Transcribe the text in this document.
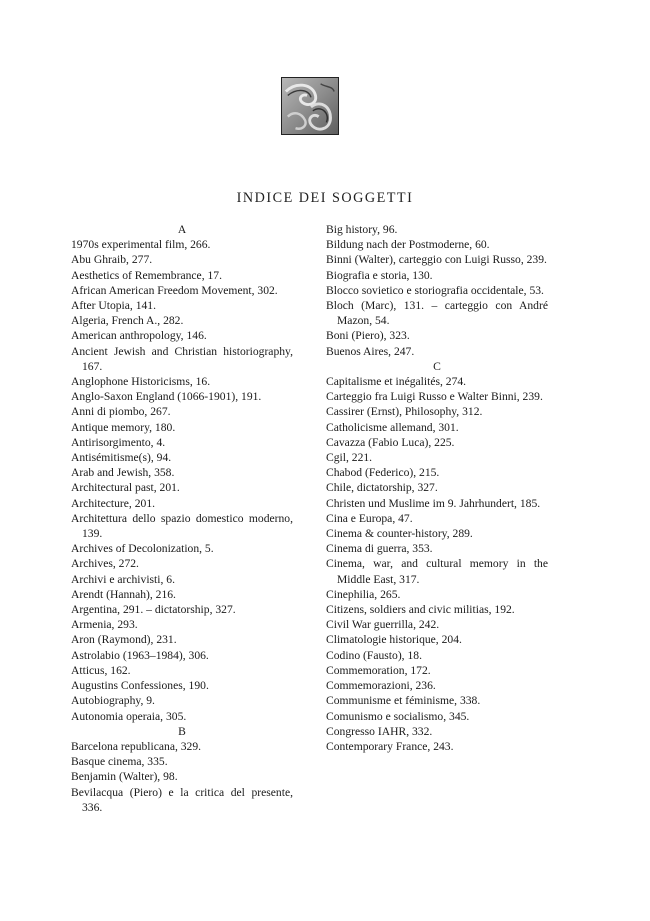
INDICE DEI SOGGETTI
A
1970s experimental film, 266.
Abu Ghraib, 277.
Aesthetics of Remembrance, 17.
African American Freedom Movement, 302.
After Utopia, 141.
Algeria, French A., 282.
American anthropology, 146.
Ancient Jewish and Christian historiography, 167.
Anglophone Historicisms, 16.
Anglo-Saxon England (1066-1901), 191.
Anni di piombo, 267.
Antique memory, 180.
Antirisorgimento, 4.
Antisémitisme(s), 94.
Arab and Jewish, 358.
Architectural past, 201.
Architecture, 201.
Architettura dello spazio domestico moderno, 139.
Archives of Decolonization, 5.
Archives, 272.
Archivi e archivisti, 6.
Arendt (Hannah), 216.
Argentina, 291. – dictatorship, 327.
Armenia, 293.
Aron (Raymond), 231.
Astrolabio (1963–1984), 306.
Atticus, 162.
Augustins Confessiones, 190.
Autobiography, 9.
Autonomia operaia, 305.
B
Barcelona republicana, 329.
Basque cinema, 335.
Benjamin (Walter), 98.
Bevilacqua (Piero) e la critica del presente, 336.
Big history, 96.
Bildung nach der Postmoderne, 60.
Binni (Walter), carteggio con Luigi Russo, 239.
Biografia e storia, 130.
Blocco sovietico e storiografia occidentale, 53.
Bloch (Marc), 131. – carteggio con André Mazon, 54.
Boni (Piero), 323.
Buenos Aires, 247.
C
Capitalisme et inégalités, 274.
Carteggio fra Luigi Russo e Walter Binni, 239.
Cassirer (Ernst), Philosophy, 312.
Catholicisme allemand, 301.
Cavazza (Fabio Luca), 225.
Cgil, 221.
Chabod (Federico), 215.
Chile, dictatorship, 327.
Christen und Muslime im 9. Jahrhundert, 185.
Cina e Europa, 47.
Cinema & counter-history, 289.
Cinema di guerra, 353.
Cinema, war, and cultural memory in the Middle East, 317.
Cinephilia, 265.
Citizens, soldiers and civic militias, 192.
Civil War guerrilla, 242.
Climatologie historique, 204.
Codino (Fausto), 18.
Commemoration, 172.
Commemorazioni, 236.
Communisme et féminisme, 338.
Comunismo e socialismo, 345.
Congresso IAHR, 332.
Contemporary France, 243.
